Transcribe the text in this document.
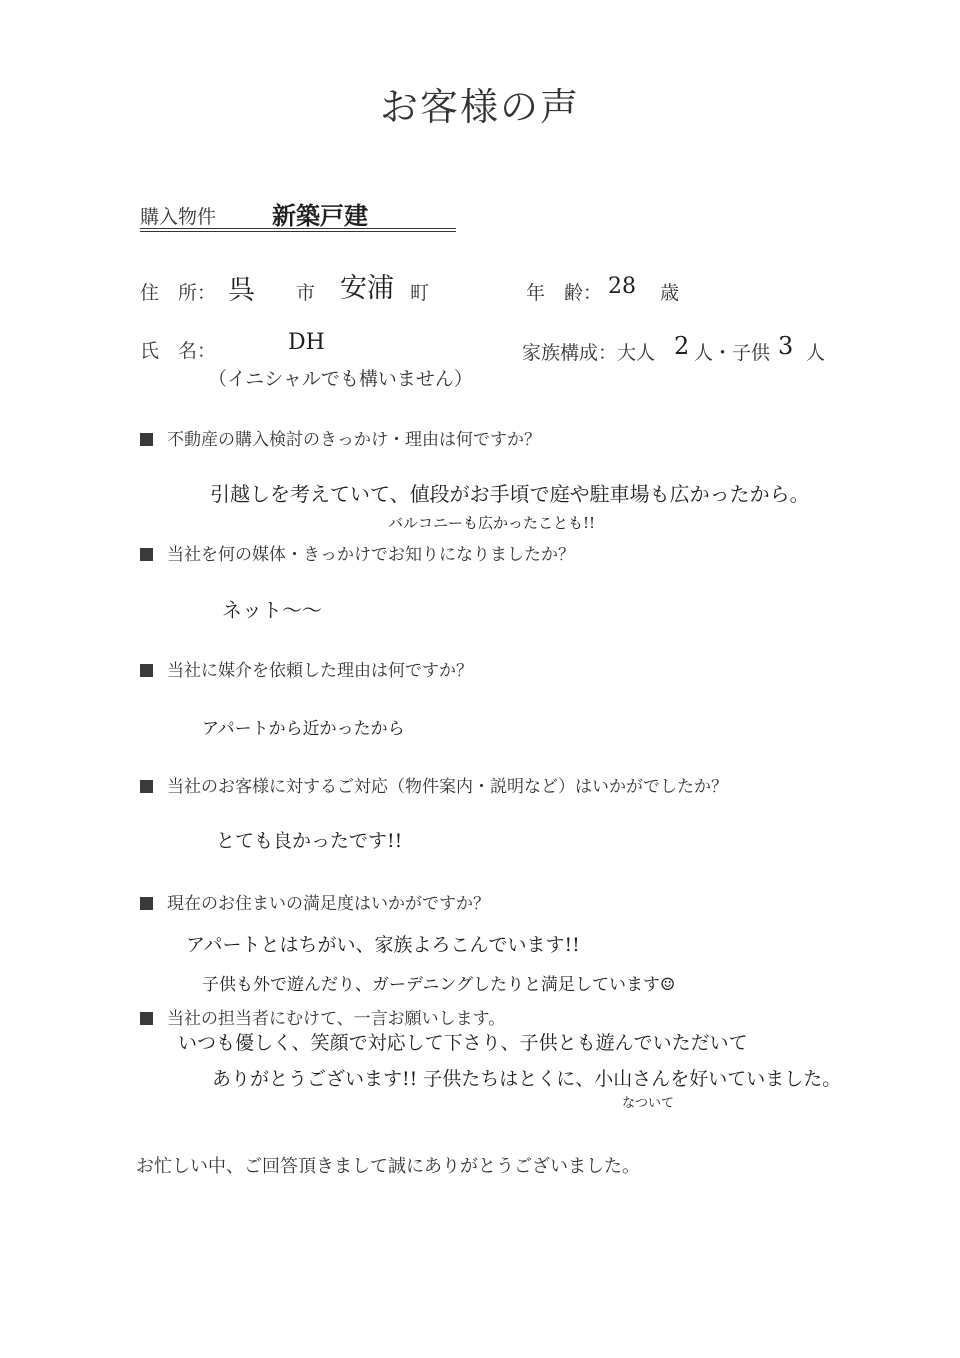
お客様の声
購入物件 新築戸建
住　所： 呉 市 安浦 町	年　齢： 28 歳
氏　名：	DH
（イニシャルでも構いません）
家族構成：大人 2 人・子供 3 人
不動産の購入検討のきっかけ・理由は何ですか？
引越しを考えていて、値段がお手頃で庭や駐車場も広かったから。
バルコニーも広かったことも!!
当社を何の媒体・きっかけでお知りになりましたか？
ネット～～
当社に媒介を依頼した理由は何ですか？
アパートから近かったから
当社のお客様に対するご対応（物件案内・説明など）はいかがでしたか？
とても良かったです!!
現在のお住まいの満足度はいかがですか？
アパートとはちがい、家族よろこんでいます!!
子供も外で遊んだり、ガーデニングしたりと満足しています☺
当社の担当者にむけて、一言お願いします。
いつも優しく、笑顔で対応して下さり、子供とも遊んでいただいて
ありがとうございます!! 子供たちはとくに、小山さんを好いていました。
なついて
お忙しい中、ご回答頂きまして誠にありがとうございました。
